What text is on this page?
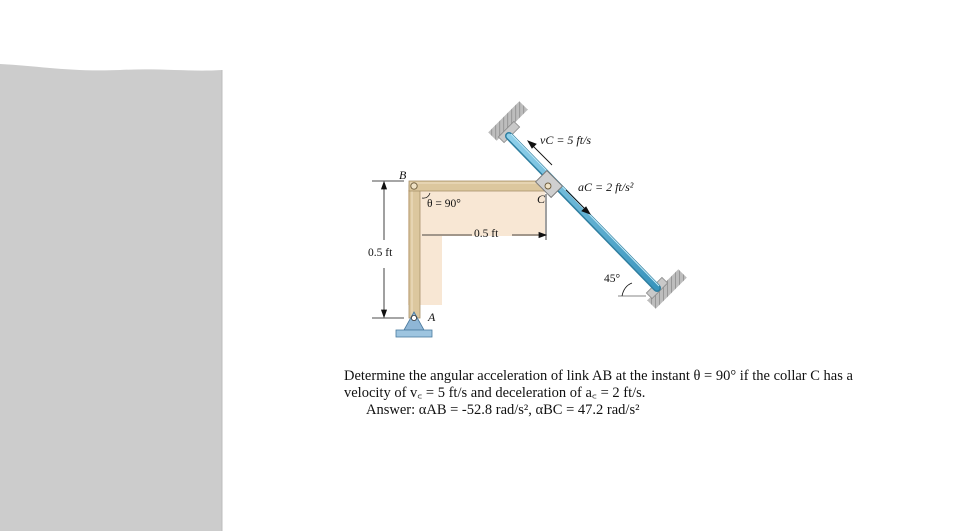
B
A
C
θ = 90°
0.5 ft
0.5 ft
vC = 5 ft/s
aC = 2 ft/s²
45°
Determine the angular acceleration of link AB at the instant θ = 90° if the collar C has a
velocity of v꜀ = 5 ft/s and deceleration of a꜀ = 2 ft/s.
Answer: αAB = -52.8 rad/s², αBC = 47.2 rad/s²
